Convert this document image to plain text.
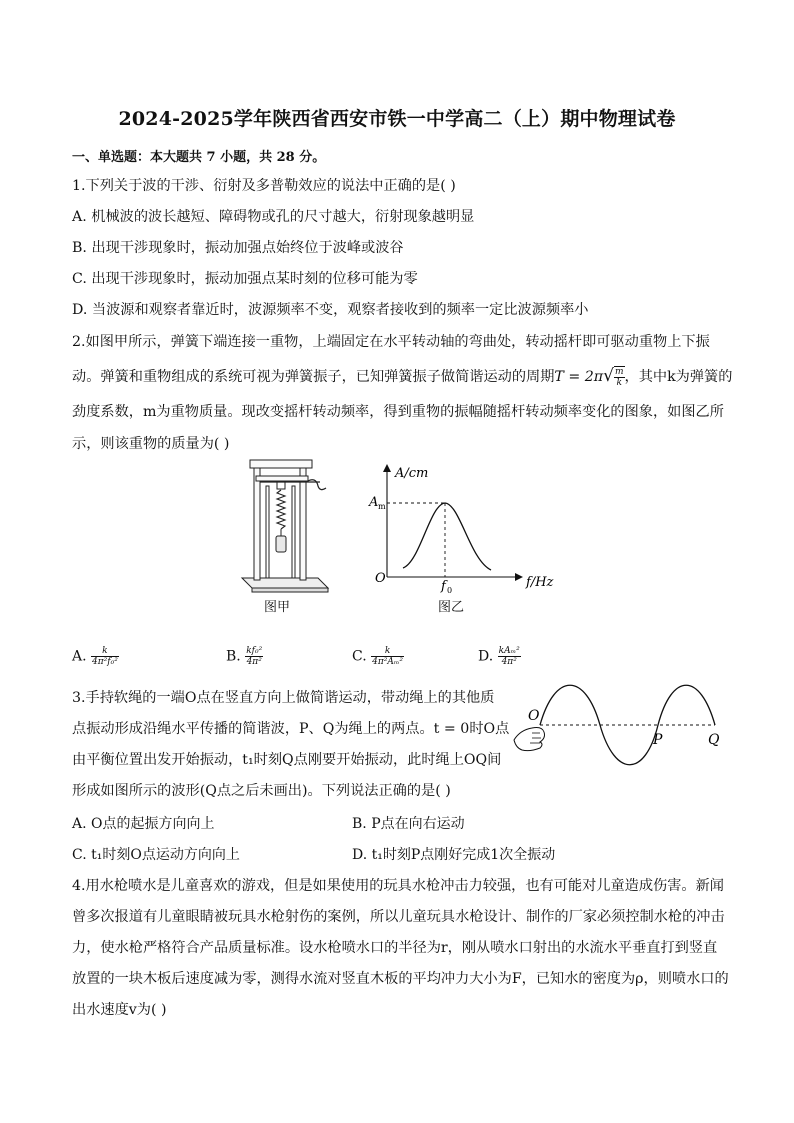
2024-2025学年陕西省西安市铁一中学高二（上）期中物理试卷
一、单选题：本大题共 7 小题，共 28 分。
1.下列关于波的干涉、衍射及多普勒效应的说法中正确的是( )
A. 机械波的波长越短、障碍物或孔的尺寸越大，衍射现象越明显
B. 出现干涉现象时，振动加强点始终位于波峰或波谷
C. 出现干涉现象时，振动加强点某时刻的位移可能为零
D. 当波源和观察者靠近时，波源频率不变，观察者接收到的频率一定比波源频率小
2.如图甲所示，弹簧下端连接一重物，上端固定在水平转动轴的弯曲处，转动摇杆即可驱动重物上下振
动。弹簧和重物组成的系统可视为弹簧振子，已知弹簧振子做简谐运动的周期$T = 2\pi√ \frac{m}{k}$ ，其中k为弹簧的
劲度系数，m为重物质量。现改变摇杆转动频率，得到重物的振幅随摇杆转动频率变化的图象，如图乙所
示，则该重物的质量为( )
图甲
A/cm
f/Hz
O
A m
f 0
图乙
A. $\frac{k}{\text{4π²f₀²}}$	B. $\frac{\text{kf₀²}}{\text{4π²}}$	C. $\frac{k}{\text{4π²Aₘ²}}$	D. $\frac{\text{kAₘ²}}{\text{4π²}}$
3.手持软绳的一端O点在竖直方向上做简谐运动，带动绳上的其他质
点振动形成沿绳水平传播的简谐波，P、Q为绳上的两点。t = 0时O点
由平衡位置出发开始振动，t₁时刻Q点刚要开始振动，此时绳上OQ间
形成如图所示的波形(Q点之后未画出)。下列说法正确的是( )
O
P	Q
A. O点的起振方向向上	B. P点在向右运动
C. t₁时刻O点运动方向向上	D. t₁时刻P点刚好完成1次全振动
4.用水枪喷水是儿童喜欢的游戏，但是如果使用的玩具水枪冲击力较强，也有可能对儿童造成伤害。新闻
曾多次报道有儿童眼睛被玩具水枪射伤的案例，所以儿童玩具水枪设计、制作的厂家必须控制水枪的冲击
力，使水枪严格符合产品质量标准。设水枪喷水口的半径为r，刚从喷水口射出的水流水平垂直打到竖直
放置的一块木板后速度减为零，测得水流对竖直木板的平均冲力大小为F，已知水的密度为ρ，则喷水口的
出水速度v为( )
